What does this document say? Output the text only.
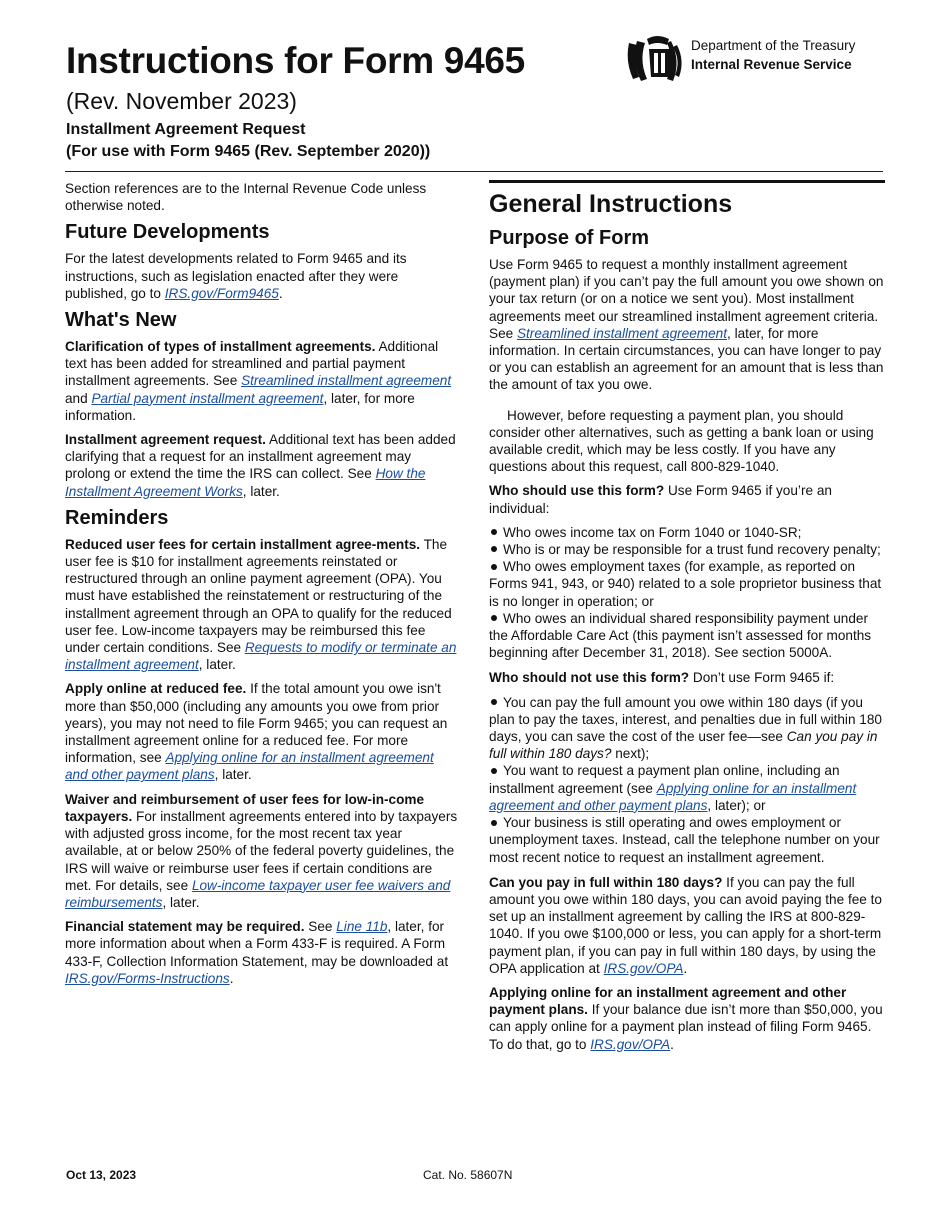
Instructions for Form 9465
(Rev. November 2023)
Installment Agreement Request
(For use with Form 9465 (Rev. September 2020))
Department of the Treasury
Internal Revenue Service

Section references are to the Internal Revenue Code unless otherwise noted.

Future Developments

For the latest developments related to Form 9465 and its instructions, such as legislation enacted after they were published, go to IRS.gov/Form9465.

What's New

Clarification of types of installment agreements. Additional text has been added for streamlined and partial payment installment agreements. See Streamlined installment agreement and Partial payment installment agreement, later, for more information.

Installment agreement request. Additional text has been added clarifying that a request for an installment agreement may prolong or extend the time the IRS can collect. See How the Installment Agreement Works, later.

Reminders

Reduced user fees for certain installment agree-ments. The user fee is $10 for installment agreements reinstated or restructured through an online payment agreement (OPA). You must have established the reinstatement or restructuring of the installment agreement through an OPA to qualify for the reduced user fee. Low-income taxpayers may be reimbursed this fee under certain conditions. See Requests to modify or terminate an installment agreement, later.

Apply online at reduced fee. If the total amount you owe isn't more than $50,000 (including any amounts you owe from prior years), you may not need to file Form 9465; you can request an installment agreement online for a reduced fee. For more information, see Applying online for an installment agreement and other payment plans, later.

Waiver and reimbursement of user fees for low-in-come taxpayers. For installment agreements entered into by taxpayers with adjusted gross income, for the most recent tax year available, at or below 250% of the federal poverty guidelines, the IRS will waive or reimburse user fees if certain conditions are met. For details, see Low-income taxpayer user fee waivers and reimbursements, later.

Financial statement may be required. See Line 11b, later, for more information about when a Form 433-F is required. A Form 433-F, Collection Information Statement, may be downloaded at IRS.gov/Forms-Instructions.

General Instructions
Purpose of Form

Use Form 9465 to request a monthly installment agreement (payment plan) if you can’t pay the full amount you owe shown on your tax return (or on a notice we sent you). Most installment agreements meet our streamlined installment agreement criteria. See Streamlined installment agreement, later, for more information. In certain circumstances, you can have longer to pay or you can establish an agreement for an amount that is less than the amount of tax you owe.

However, before requesting a payment plan, you should consider other alternatives, such as getting a bank loan or using available credit, which may be less costly. If you have any questions about this request, call 800-829-1040.

Who should use this form? Use Form 9465 if you’re an individual:

Who owes income tax on Form 1040 or 1040-SR;
Who is or may be responsible for a trust fund recovery penalty;
Who owes employment taxes (for example, as reported on Forms 941, 943, or 940) related to a sole proprietor business that is no longer in operation; or
Who owes an individual shared responsibility payment under the Affordable Care Act (this payment isn’t assessed for months beginning after December 31, 2018). See section 5000A.

Who should not use this form? Don’t use Form 9465 if:

You can pay the full amount you owe within 180 days (if you plan to pay the taxes, interest, and penalties due in full within 180 days, you can save the cost of the user fee—see Can you pay in full within 180 days? next);
You want to request a payment plan online, including an installment agreement (see Applying online for an installment agreement and other payment plans, later); or
Your business is still operating and owes employment or unemployment taxes. Instead, call the telephone number on your most recent notice to request an installment agreement.

Can you pay in full within 180 days? If you can pay the full amount you owe within 180 days, you can avoid paying the fee to set up an installment agreement by calling the IRS at 800-829-1040. If you owe $100,000 or less, you can apply for a short-term payment plan, if you can pay in full within 180 days, by using the OPA application at IRS.gov/OPA.

Applying online for an installment agreement and other payment plans. If your balance due isn’t more than $50,000, you can apply online for a payment plan instead of filing Form 9465. To do that, go to IRS.gov/OPA.

Oct 13, 2023	Cat. No. 58607N
